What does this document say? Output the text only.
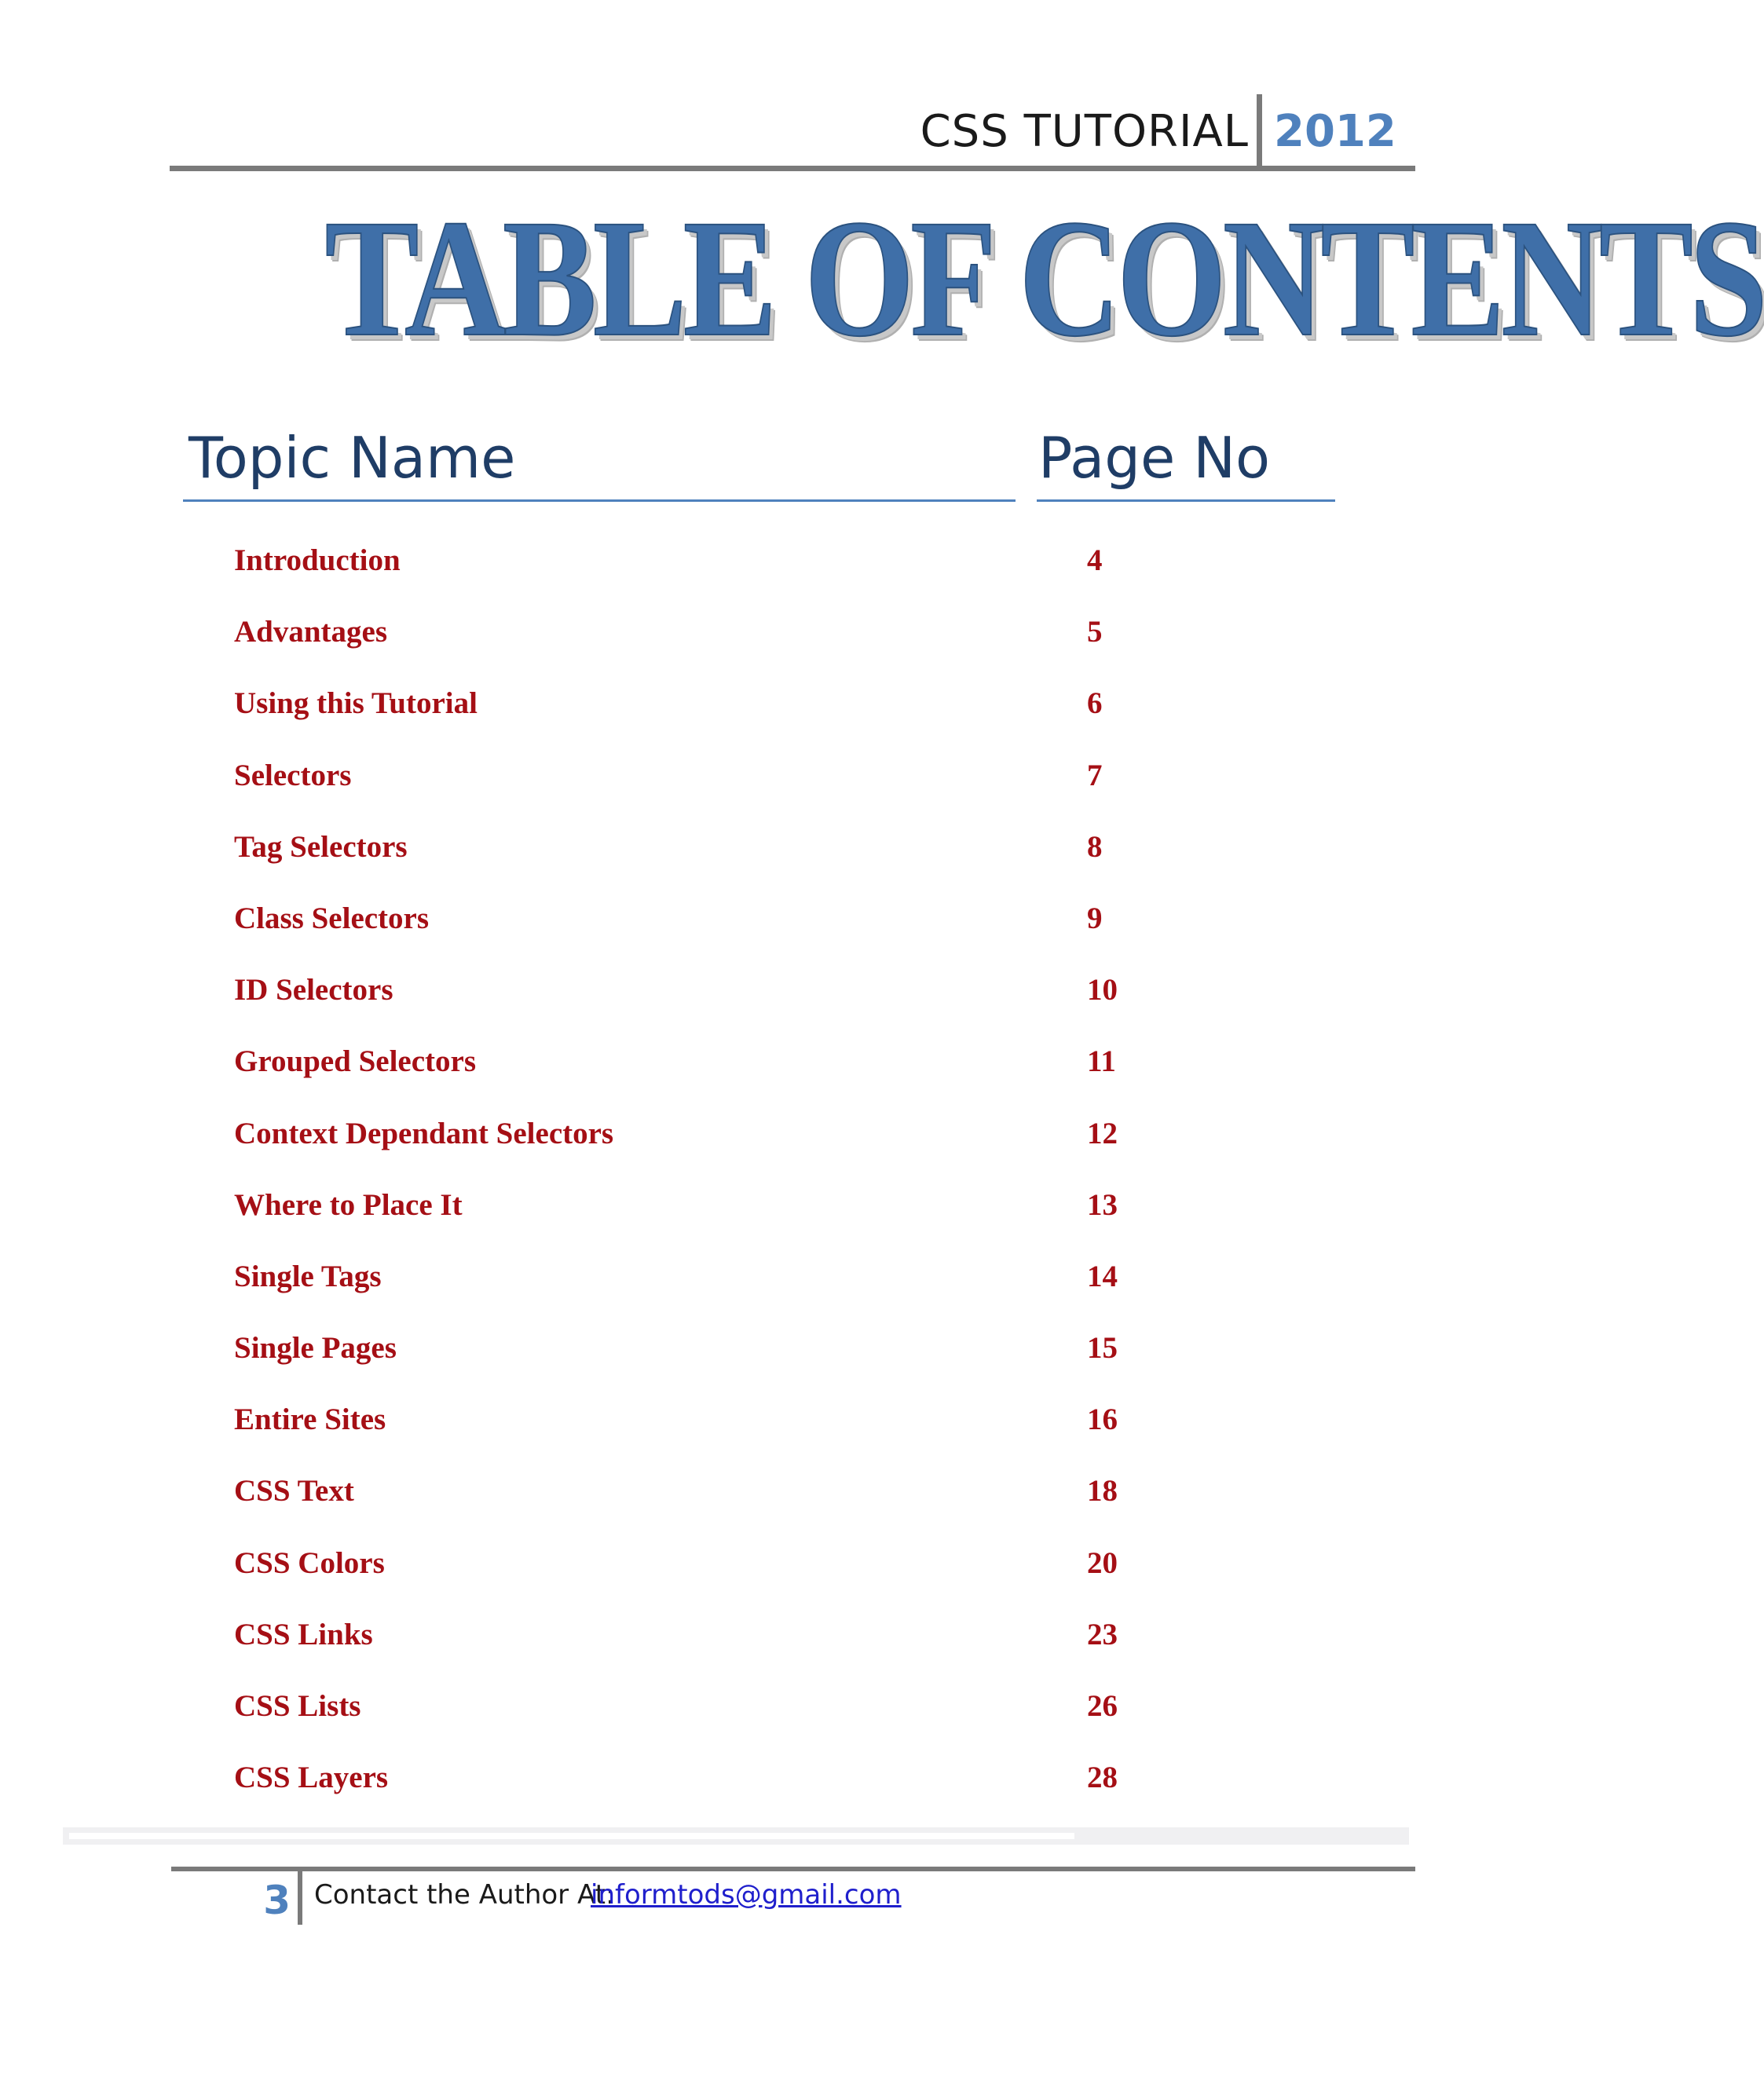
CSS TUTORIAL 2012
TABLE OF CONTENTS
Topic Name	Page No
Introduction	4
Advantages	5
Using this Tutorial	6
Selectors	7
Tag Selectors	8
Class Selectors	9
ID Selectors	10
Grouped Selectors	11
Context Dependant Selectors	12
Where to Place It	13
Single Tags	14
Single Pages	15
Entire Sites	16
CSS Text	18
CSS Colors	20
CSS Links	23
CSS Lists	26
CSS Layers	28
3 Contact the Author At:
informtods@gmail.com
